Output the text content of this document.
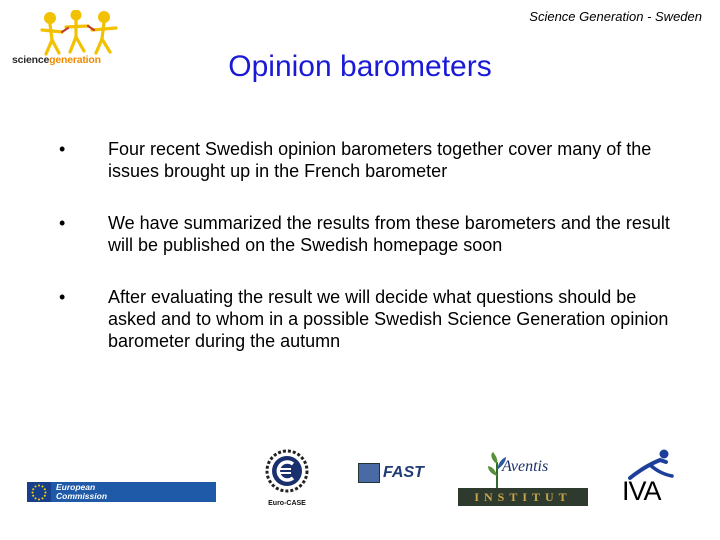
Science Generation - Sweden
sciencegeneration	Opinion barometers
• Four recent Swedish opinion barometers together cover many of the issues brought up in the French barometer
• We have summarized the results from these barometers and the result will be published on the Swedish homepage soon
• After evaluating the result we will decide what questions should be asked and to whom in a possible Swedish Science Generation opinion barometer during the autumn
European
Commission
Euro-CASE
FAST	Aventis
INSTITUT IVA
